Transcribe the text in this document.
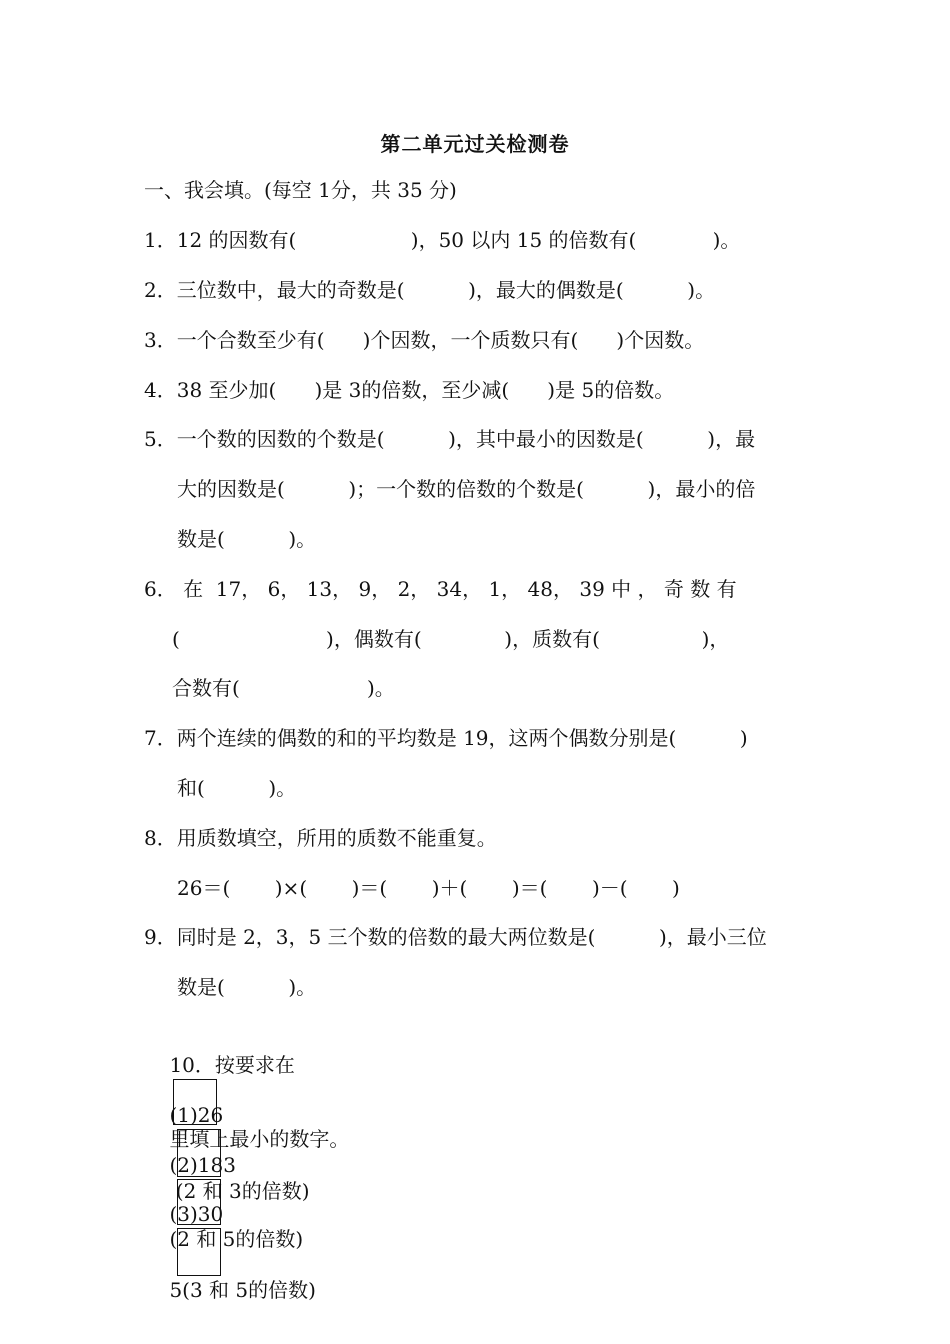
第二单元过关检测卷
一、我会填。(每空 1分，共 35 分)
1．12 的因数有(                  )，50 以内 15 的倍数有(            )。
2．三位数中，最大的奇数是(          )，最大的偶数是(          )。
3．一个合数至少有(      )个因数，一个质数只有(      )个因数。
4．38 至少加(      )是 3的倍数，至少减(      )是 5的倍数。
5．一个数的因数的个数是(          )，其中最小的因数是(          )，最
大的因数是(          )；一个数的倍数的个数是(          )，最小的倍
数是(          )。
6． 在  17， 6， 13， 9， 2， 34， 1， 48， 39 中 ， 奇 数 有
(                       )，偶数有(             )，质数有(                )，
合数有(                    )。
7．两个连续的偶数的和的平均数是 19，这两个偶数分别是(          )
和(          )。
8．用质数填空，所用的质数不能重复。
26＝(       )×(       )＝(       )＋(       )＝(       )－(       )
9．同时是 2，3，5 三个数的倍数的最大两位数是(          )，最小三位
数是(          )。

10．按要求在

里填上最小的数字。

(1)26

(2 和 3的倍数)

(2)183

(2 和 5的倍数)

(3)30

5(3 和 5的倍数)
